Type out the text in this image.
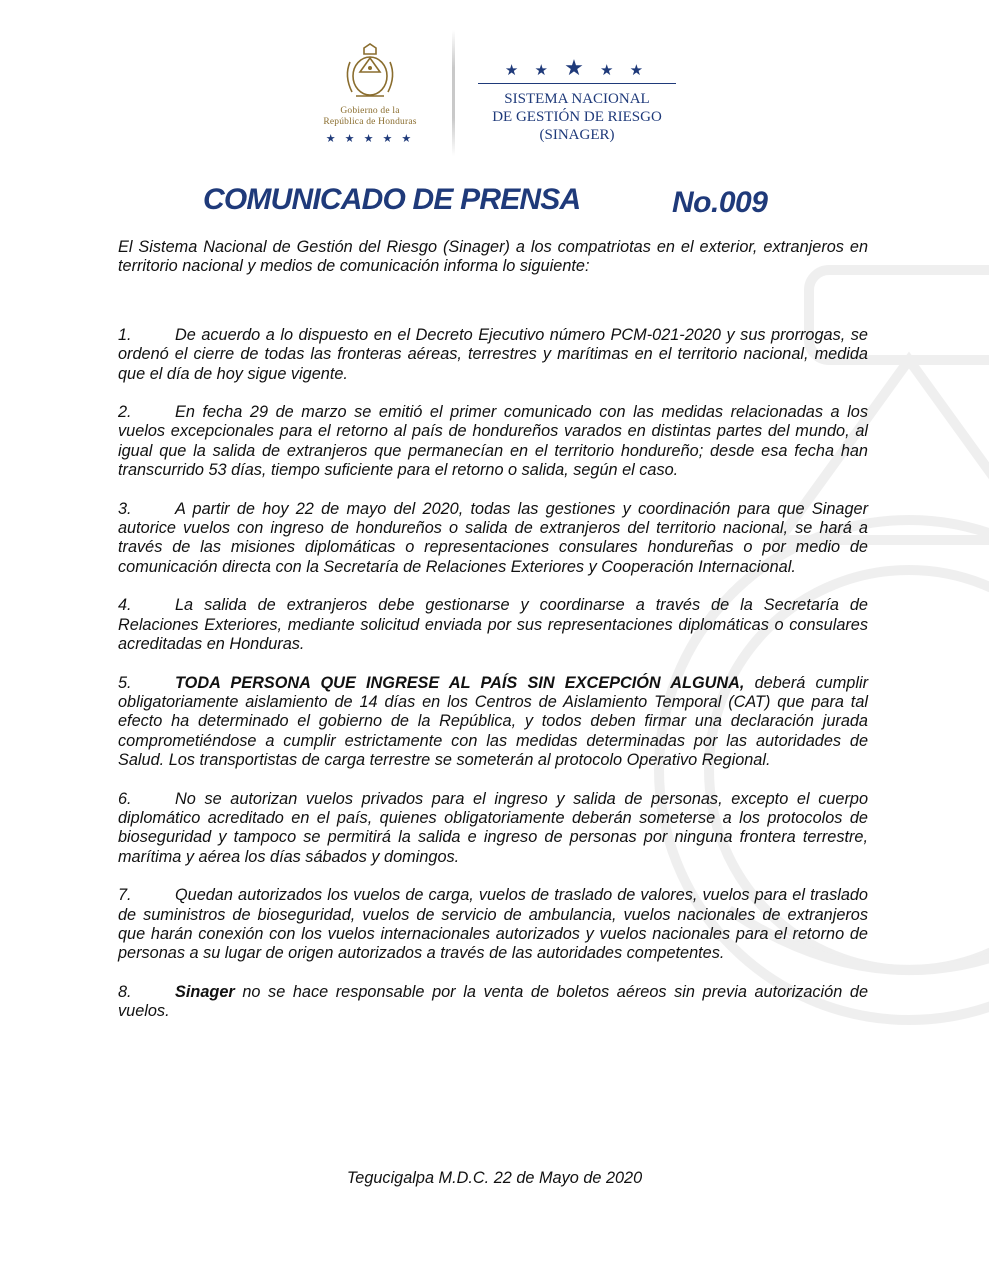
Gobierno de la
República de Honduras
★ ★ ★ ★ ★
★ ★ ★ ★ ★
SISTEMA NACIONAL
DE GESTIÓN DE RIESGO
(SINAGER)
COMUNICADO DE PRENSA	No.009

El Sistema Nacional de Gestión del Riesgo (Sinager) a los compatriotas en el exterior, extranjeros en territorio nacional y medios de comunicación informa lo siguiente:

1.	De acuerdo a lo dispuesto en el Decreto Ejecutivo número PCM-021-2020 y sus prorrogas, se ordenó el cierre de todas las fronteras aéreas, terrestres y marítimas en el territorio nacional, medida que el día de hoy sigue vigente.

2.	En fecha 29 de marzo se emitió el primer comunicado con las medidas relacionadas a los vuelos excepcionales para el retorno al país de hondureños varados en distintas partes del mundo, al igual que la salida de extranjeros que permanecían en el territorio hondureño; desde esa fecha han transcurrido 53 días, tiempo suficiente para el retorno o salida, según el caso.

3.	A partir de hoy 22 de mayo del 2020, todas las gestiones y coordinación para que Sinager autorice vuelos con ingreso de hondureños o salida de extranjeros del territorio nacional, se hará a través de las misiones diplomáticas o representaciones consulares hondureñas o por medio de comunicación directa con la Secretaría de Relaciones Exteriores y Cooperación Internacional.

4.	La salida de extranjeros debe gestionarse y coordinarse a través de la Secretaría de Relaciones Exteriores, mediante solicitud enviada por sus representaciones diplomáticas o consulares acreditadas en Honduras.

5.	TODA PERSONA QUE INGRESE AL PAÍS SIN EXCEPCIÓN ALGUNA, deberá cumplir obligatoriamente aislamiento de 14 días en los Centros de Aislamiento Temporal (CAT) que para tal efecto ha determinado el gobierno de la República, y todos deben firmar una declaración jurada comprometiéndose a cumplir estrictamente con las medidas determinadas por las autoridades de Salud. Los transportistas de carga terrestre se someterán al protocolo Operativo Regional.

6.	No se autorizan vuelos privados para el ingreso y salida de personas, excepto el cuerpo diplomático acreditado en el país, quienes obligatoriamente deberán someterse a los protocolos de bioseguridad y tampoco se permitirá la salida e ingreso de personas por ninguna frontera terrestre, marítima y aérea los días sábados y domingos.

7.	Quedan autorizados los vuelos de carga, vuelos de traslado de valores, vuelos para el traslado de suministros de bioseguridad, vuelos de servicio de ambulancia, vuelos nacionales de extranjeros que harán conexión con los vuelos internacionales autorizados y vuelos nacionales para el retorno de personas a su lugar de origen autorizados a través de las autoridades competentes.

8.	Sinager no se hace responsable por la venta de boletos aéreos sin previa autorización de vuelos.

Tegucigalpa M.D.C. 22 de Mayo de 2020
